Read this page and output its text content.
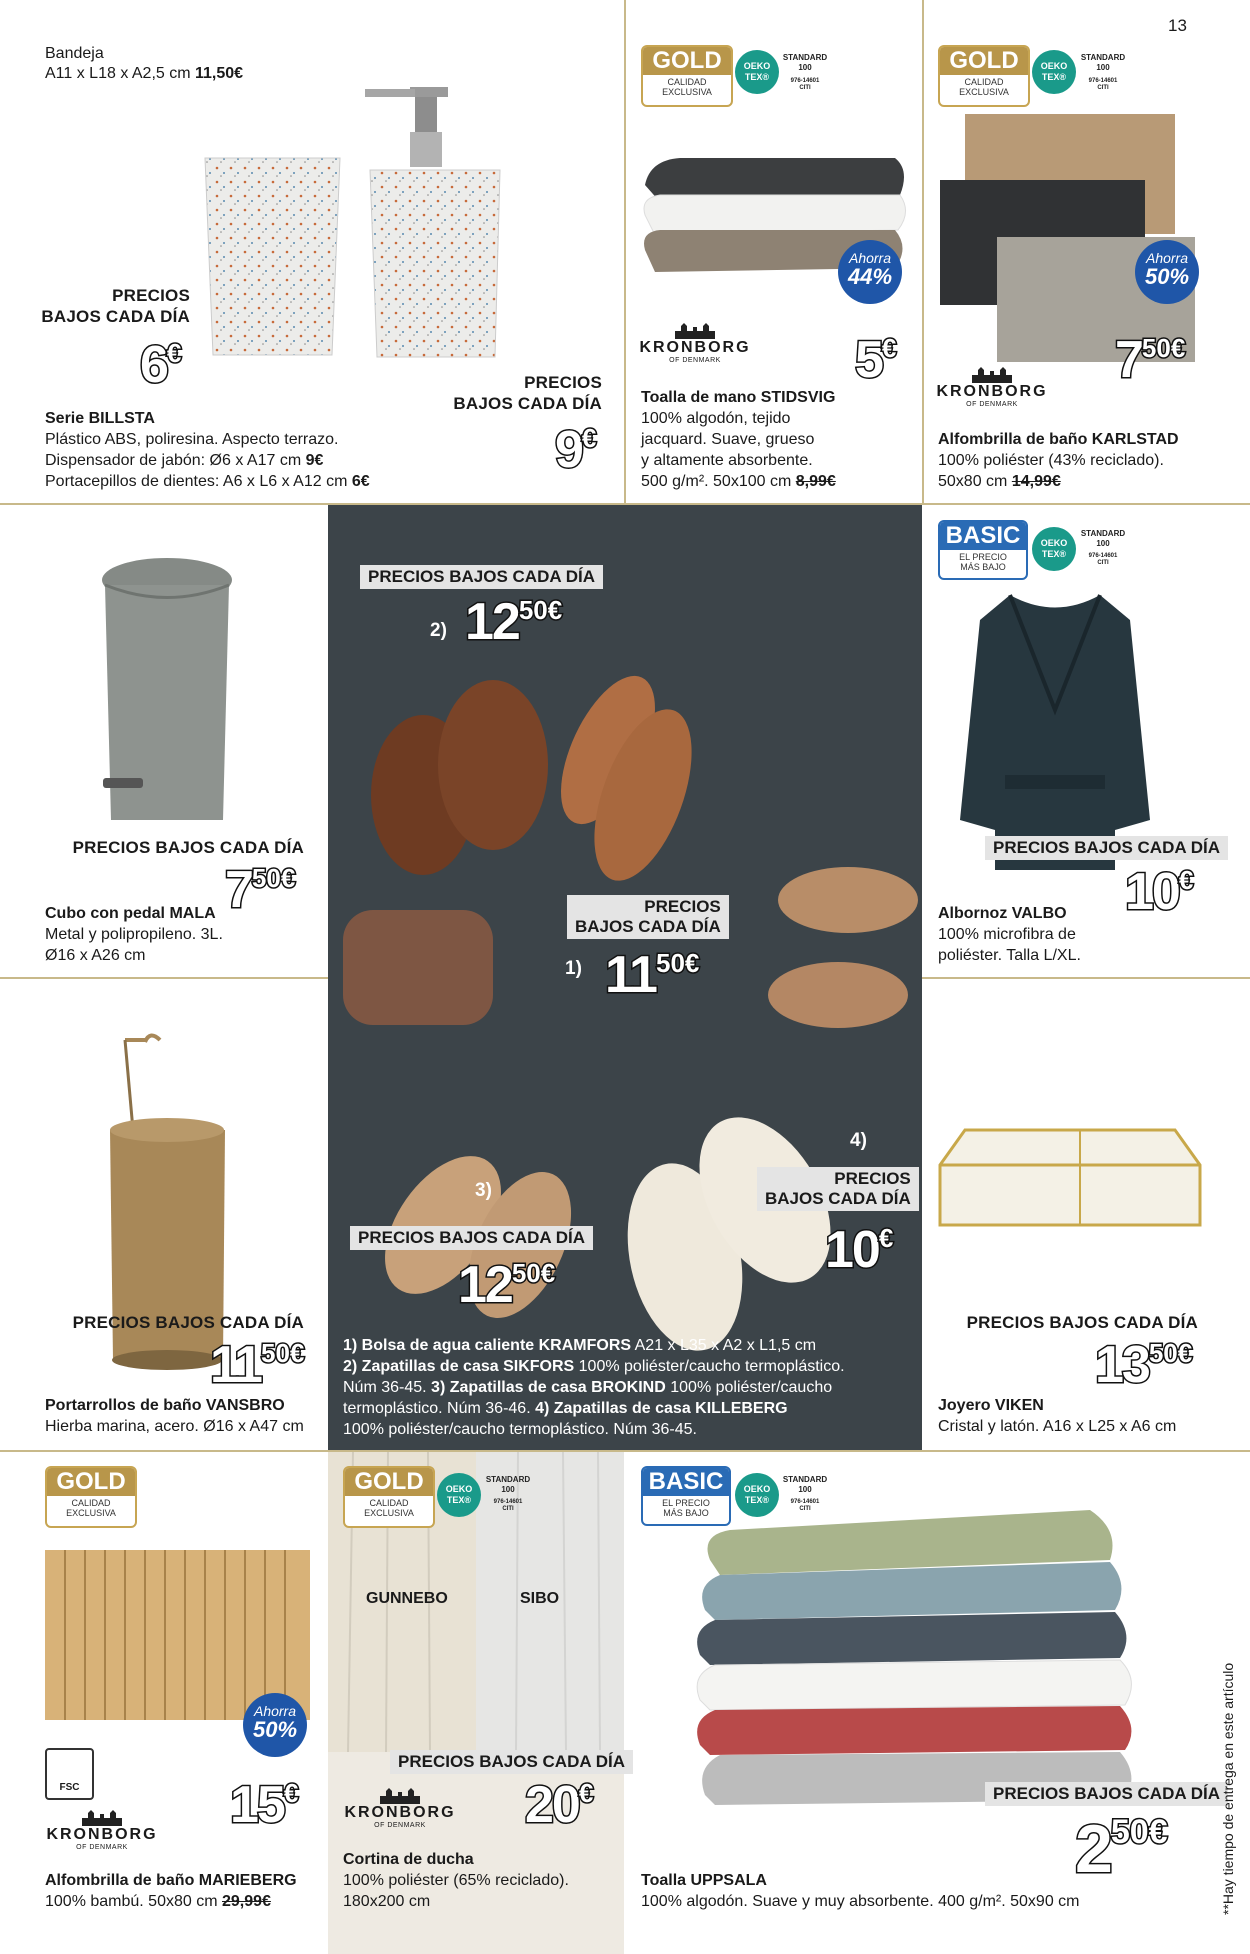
13
Bandeja
A11 x L18 x A2,5 cm 11,50€
PRECIOS
BAJOS CADA DÍA
6€
PRECIOS
BAJOS CADA DÍA
9€
Serie BILLSTA
Plástico ABS, poliresina. Aspecto terrazo.
Dispensador de jabón: Ø6 x A17 cm 9€
Portacepillos de dientes: A6 x L6 x A12 cm 6€
GOLD
CALIDAD
EXCLUSIVA
OEKO
TEX®
STANDARD
100
976-14601
CITI
Ahorra
44%
KRONBORG
OF DENMARK	5€
Toalla de mano STIDSVIG
100% algodón, tejido
jacquard. Suave, grueso
y altamente absorbente.
500 g/m². 50x100 cm 8,99€
GOLD
CALIDAD
EXCLUSIVA
OEKO
TEX®
STANDARD
100
976-14601
CITI
Ahorra
50%
KRONBORG
OF DENMARK
$7^{50€}$
Alfombrilla de baño KARLSTAD
100% poliéster (43% reciclado).
50x80 cm 14,99€
PRECIOS BAJOS CADA DÍA
$7^{50€}$
Cubo con pedal MALA
Metal y polipropileno. 3L.
Ø16 x A26 cm
PRECIOS BAJOS CADA DÍA
2) $12^{50€}$
PRECIOS
BAJOS CADA DÍA
1) $11^{50€}$
4)
PRECIOS
BAJOS CADA DÍA
10€
3)
PRECIOS BAJOS CADA DÍA
$12^{50€}$
1) Bolsa de agua caliente KRAMFORS A21 x L35 x A2 x L1,5 cm
2) Zapatillas de casa SIKFORS 100% poliéster/caucho termoplástico.
Núm 36-45. 3) Zapatillas de casa BROKIND 100% poliéster/caucho
termoplástico. Núm 36-46. 4) Zapatillas de casa KILLEBERG
100% poliéster/caucho termoplástico. Núm 36-45.
BASIC
EL PRECIO
MÁS BAJO
OEKO
TEX®
STANDARD
100
976-14601
CITI
PRECIOS BAJOS CADA DÍA
10€
Albornoz VALBO
100% microfibra de
poliéster. Talla L/XL.
PRECIOS BAJOS CADA DÍA
$11^{50€}$
Portarrollos de baño VANSBRO
Hierba marina, acero. Ø16 x A47 cm
PRECIOS BAJOS CADA DÍA
$13^{50€}$
Joyero VIKEN
Cristal y latón. A16 x L25 x A6 cm
GOLD
CALIDAD
EXCLUSIVA
Ahorra
50%
FSC
KRONBORG
OF DENMARK
15€
Alfombrilla de baño MARIEBERG
100% bambú. 50x80 cm 29,99€
GOLD
CALIDAD
EXCLUSIVA
OEKO
TEX®
STANDARD
100
976-14601
CITI
GUNNEBO	SIBO
PRECIOS BAJOS CADA DÍA
KRONBORG
OF DENMARK	20€
Cortina de ducha
100% poliéster (65% reciclado).
180x200 cm
BASIC
EL PRECIO
MÁS BAJO
OEKO
TEX®
STANDARD
100
976-14601
CITI
PRECIOS BAJOS CADA DÍA
$2^{50€}$
Toalla UPPSALA
100% algodón. Suave y muy absorbente. 400 g/m². 50x90 cm	**Hay tiempo de entrega en este artículo
